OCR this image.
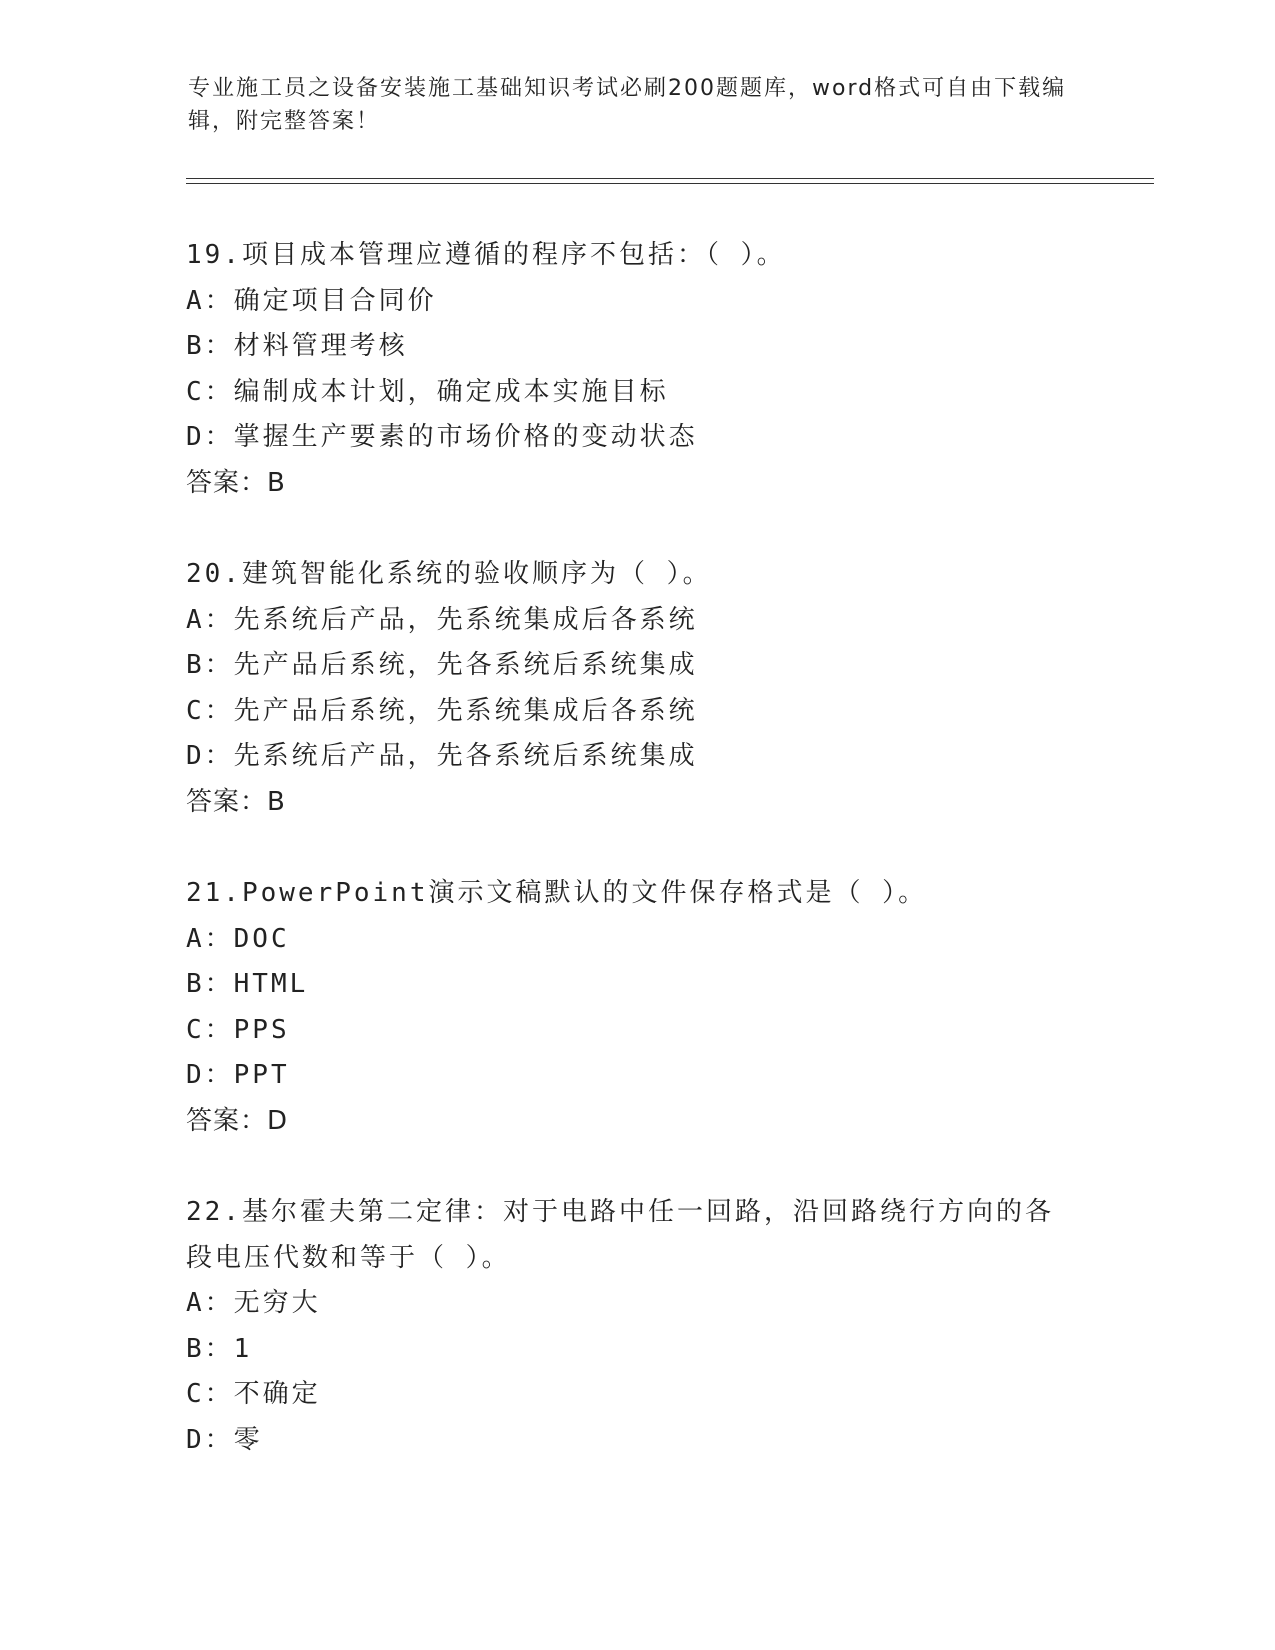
专业施工员之设备安装施工基础知识考试必刷200题题库，word格式可自由下载编辑，附完整答案！
19.项目成本管理应遵循的程序不包括：（ ）。
A：确定项目合同价
B：材料管理考核
C：编制成本计划，确定成本实施目标
D：掌握生产要素的市场价格的变动状态
答案：B
20.建筑智能化系统的验收顺序为（ ）。
A：先系统后产品，先系统集成后各系统
B：先产品后系统，先各系统后系统集成
C：先产品后系统，先系统集成后各系统
D：先系统后产品，先各系统后系统集成
答案：B
21.PowerPoint演示文稿默认的文件保存格式是（ ）。
A：DOC
B：HTML
C：PPS
D：PPT
答案：D
22.基尔霍夫第二定律：对于电路中任一回路，沿回路绕行方向的各段电压代数和等于（ ）。
A：无穷大
B：1
C：不确定
D：零
